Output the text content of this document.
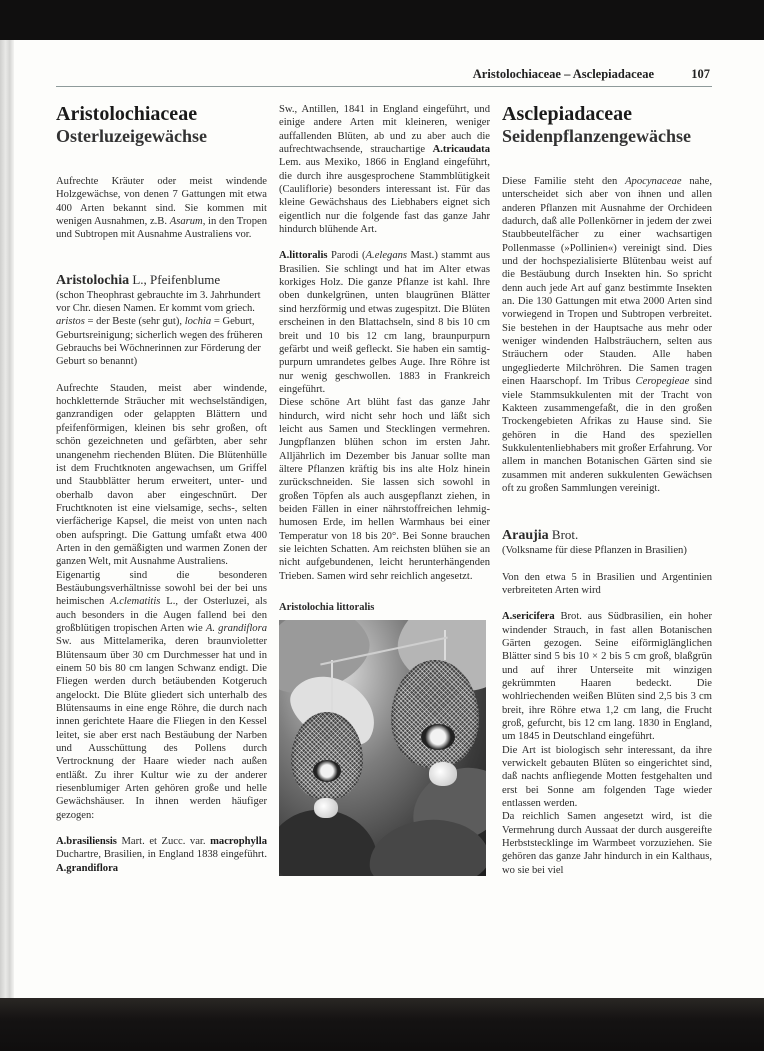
Aristolochiaceae – Asclepiadaceae	107
Aristolochiaceae
Osterluzeigewächse

Aufrechte Kräuter oder meist windende Holzgewächse, von denen 7 Gattungen mit etwa 400 Arten bekannt sind. Sie kommen mit wenigen Ausnahmen, z.B. Asarum, in den Tropen und Subtropen mit Ausnahme Australiens vor.

Aristolochia L., Pfeifenblume

(schon Theophrast gebrauchte im 3. Jahrhundert vor Chr. diesen Namen. Er kommt vom griech. aristos = der Beste (sehr gut), lochia = Geburt, Geburtsreinigung; sicherlich wegen des früheren Gebrauchs bei Wöchnerinnen zur Förderung der Geburt so benannt)

Aufrechte Stauden, meist aber windende, hochkletternde Sträucher mit wechselständigen, ganzrandigen oder gelappten Blättern und pfeifenförmigen, kleinen bis sehr großen, oft schön gezeichneten und gefärbten, aber sehr unangenehm riechenden Blüten. Die Blütenhülle ist dem Fruchtknoten angewachsen, um Griffel und Staubblätter herum erweitert, unter- und oberhalb davon aber eingeschnürt. Der Fruchtknoten ist eine vielsamige, sechs-, selten vierfächerige Kapsel, die meist von unten nach oben aufspringt. Die Gattung umfaßt etwa 400 Arten in den gemäßigten und warmen Zonen der ganzen Welt, mit Ausnahme Australiens.

Eigenartig sind die besonderen Bestäubungsverhältnisse sowohl bei der bei uns heimischen A.clematitis L., der Osterluzei, als auch besonders in die Augen fallend bei den großblütigen tropischen Arten wie A. grandiflora Sw. aus Mittelamerika, deren braunvioletter Blütensaum über 30 cm Durchmesser hat und in einem 50 bis 80 cm langen Schwanz endigt. Die Fliegen werden durch betäubenden Kotgeruch angelockt. Die Blüte gliedert sich unterhalb des Blütensaums in eine enge Röhre, die durch nach innen gerichtete Haare die Fliegen in den Kessel leitet, sie aber erst nach Bestäubung der Narben und Ausschüttung des Pollens durch Vertrocknung der Haare wieder nach außen entläßt. Zu ihrer Kultur wie zu der anderer riesenblumiger Arten gehören große und helle Gewächshäuser. In ihnen werden häufiger gezogen:

A.brasiliensis Mart. et Zucc. var. macrophylla Duchartre, Brasilien, in England 1838 eingeführt. A.grandiflora

Sw., Antillen, 1841 in England eingeführt, und einige andere Arten mit kleineren, weniger auffallenden Blüten, ab und zu aber auch die aufrechtwachsende, strauchartige A.tricaudata Lem. aus Mexiko, 1866 in England eingeführt, die durch ihre ausgesprochene Stammblütigkeit (Cauliflorie) besonders interessant ist. Für das kleine Gewächshaus des Liebhabers eignet sich eigentlich nur die folgende fast das ganze Jahr hindurch blühende Art.

A.littoralis Parodi (A.elegans Mast.) stammt aus Brasilien. Sie schlingt und hat im Alter etwas korkiges Holz. Die ganze Pflanze ist kahl. Ihre oben dunkelgrünen, unten blaugrünen Blätter sind herzförmig und etwas zugespitzt. Die Blüten erscheinen in den Blattachseln, sind 8 bis 10 cm breit und 10 bis 12 cm lang, braunpurpurn gefärbt und weiß gefleckt. Sie haben ein samtig-purpurn umrandetes gelbes Auge. Ihre Röhre ist nur wenig geschwollen. 1883 in Frankreich eingeführt.

Diese schöne Art blüht fast das ganze Jahr hindurch, wird nicht sehr hoch und läßt sich leicht aus Samen und Stecklingen vermehren. Jungpflanzen blühen schon im ersten Jahr. Alljährlich im Dezember bis Januar sollte man ältere Pflanzen kräftig bis ins alte Holz hinein zurückschneiden. Sie lassen sich sowohl in großen Töpfen als auch ausgepflanzt ziehen, in beiden Fällen in einer nährstoffreichen lehmig-humosen Erde, im hellen Warmhaus bei einer Temperatur von 18 bis 20°. Bei Sonne brauchen sie leichten Schatten. Am reichsten blühen sie an nicht aufgebundenen, leicht herunterhängenden Trieben. Samen wird sehr reichlich angesetzt.

Aristolochia littoralis

Asclepiadaceae
Seidenpflanzengewächse

Diese Familie steht den Apocynaceae nahe, unterscheidet sich aber von ihnen und allen anderen Pflanzen mit Ausnahme der Orchideen dadurch, daß alle Pollenkörner in jedem der zwei Staubbeutelfächer zu einer wachsartigen Pollenmasse (»Pollinien«) vereinigt sind. Dies und der hochspezialisierte Blütenbau weist auf die Bestäubung durch Insekten hin. So spricht denn auch jede Art auf ganz bestimmte Insekten an. Die 130 Gattungen mit etwa 2000 Arten sind vorwiegend in Tropen und Subtropen verbreitet. Sie bestehen in der Hauptsache aus mehr oder weniger windenden Halbsträuchern, selten aus Sträuchern oder Stauden. Alle haben ungegliederte Milchröhren. Die Samen tragen einen Haarschopf. Im Tribus Ceropegieae sind viele Stammsukkulenten mit der Tracht von Kakteen zusammengefaßt, die in den großen Trockengebieten Afrikas zu Hause sind. Sie gehören in die Hand des speziellen Sukkulentenliebhabers mit großer Erfahrung. Vor allem in manchen Botanischen Gärten sind sie zusammen mit anderen sukkulenten Gewächsen oft zu großen Sammlungen vereinigt.

Araujia Brot.

(Volksname für diese Pflanzen in Brasilien)

Von den etwa 5 in Brasilien und Argentinien verbreiteten Arten wird

A.sericifera Brot. aus Südbrasilien, ein hoher windender Strauch, in fast allen Botanischen Gärten gezogen. Seine eiförmiglänglichen Blätter sind 5 bis 10 × 2 bis 5 cm groß, blaßgrün und auf ihrer Unterseite mit winzigen gekrümmten Haaren bedeckt. Die wohlriechenden weißen Blüten sind 2,5 bis 3 cm breit, ihre Röhre etwa 1,2 cm lang, die Frucht groß, gefurcht, bis 12 cm lang. 1830 in England, um 1845 in Deutschland eingeführt.

Die Art ist biologisch sehr interessant, da ihre verwickelt gebauten Blüten so eingerichtet sind, daß nachts anfliegende Motten festgehalten und erst bei Sonne am folgenden Tage wieder entlassen werden.

Da reichlich Samen angesetzt wird, ist die Vermehrung durch Aussaat der durch ausgereifte Herbststecklinge im Warmbeet vorzuziehen. Sie gehören das ganze Jahr hindurch in ein Kalthaus, wo sie bei viel
